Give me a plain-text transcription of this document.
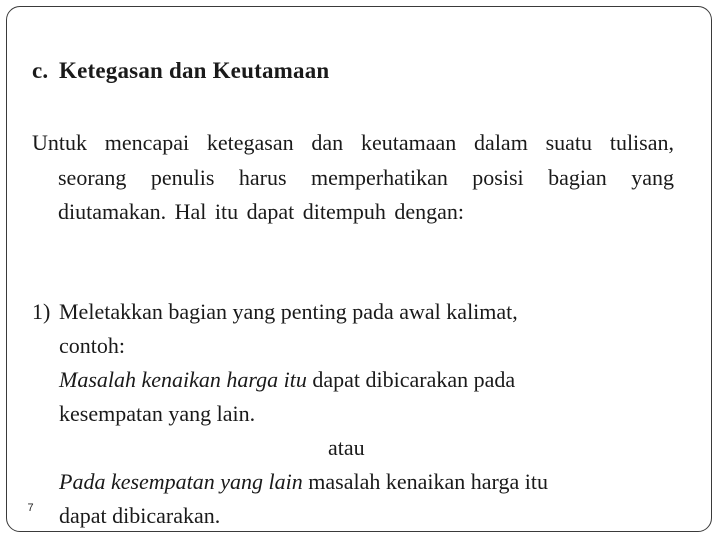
c. Ketegasan dan Keutamaan
Untuk mencapai ketegasan dan keutamaan dalam suatu tulisan, seorang penulis harus memperhatikan posisi bagian yang diutamakan. Hal itu dapat ditempuh dengan:
1) Meletakkan bagian yang penting pada awal kalimat,
contoh:
Masalah kenaikan harga itu dapat dibicarakan pada
kesempatan yang lain.
atau
Pada kesempatan yang lain masalah kenaikan harga itu
dapat dibicarakan.
7
